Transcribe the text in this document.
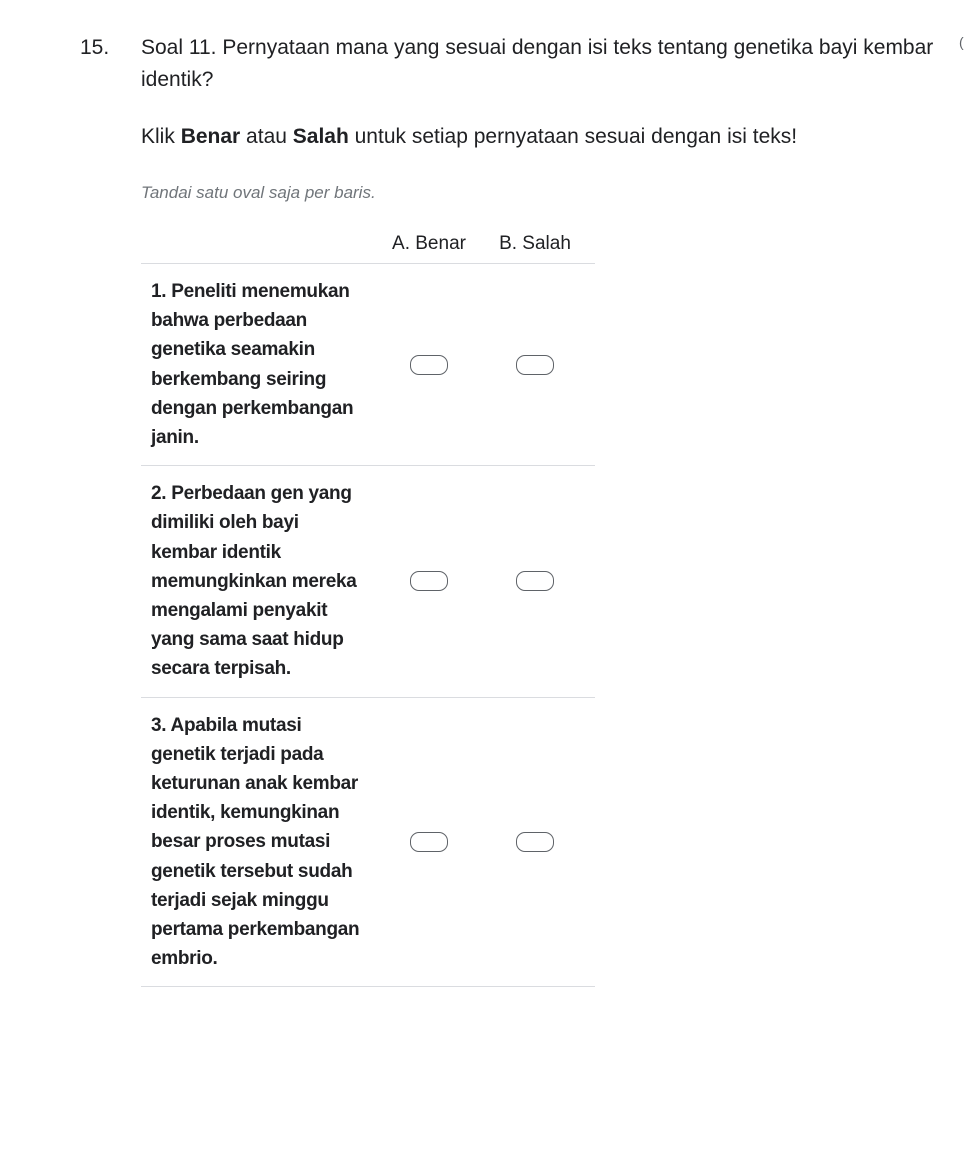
15. Soal 11. Pernyataan mana yang sesuai dengan isi teks tentang genetika bayi kembar identik?
(
Klik Benar atau Salah untuk setiap pernyataan sesuai dengan isi teks!
Tandai satu oval saja per baris.
A. Benar	B. Salah
1. Peneliti menemukan bahwa perbedaan genetika seamakin berkembang seiring dengan perkembangan janin.
2. Perbedaan gen yang dimiliki oleh bayi kembar identik memungkinkan mereka mengalami penyakit yang sama saat hidup secara terpisah.
3. Apabila mutasi genetik terjadi pada keturunan anak kembar identik, kemungkinan besar proses mutasi genetik tersebut sudah terjadi sejak minggu pertama perkembangan embrio.
